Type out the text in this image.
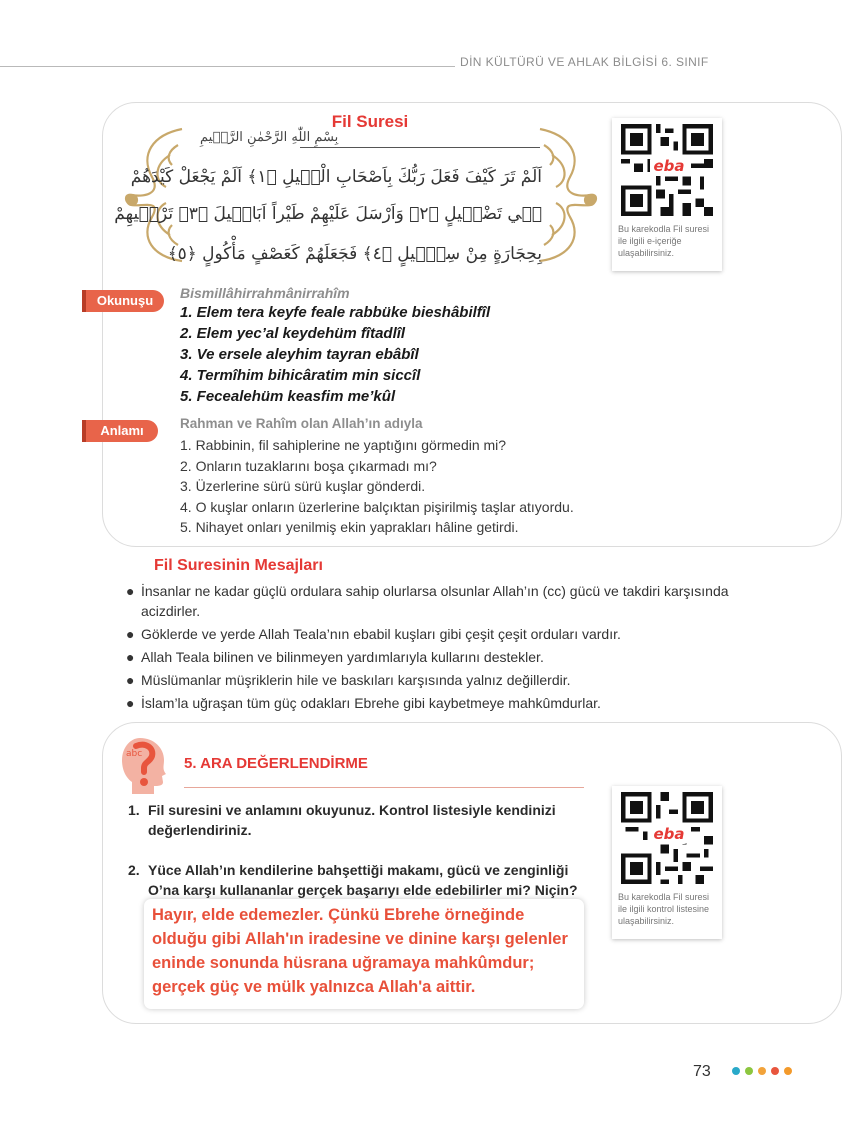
DİN KÜLTÜRÜ VE AHLAK BİLGİSİ 6. SINIF
Fil Suresi
بِسْمِ اللّٰهِ الرَّحْمٰنِ الرَّح۪يمِ
اَلَمْ تَرَ كَيْفَ فَعَلَ رَبُّكَ بِاَصْحَابِ الْف۪يلِ ﴿١﴾ اَلَمْ يَجْعَلْ كَيْدَهُمْ
ف۪ي تَضْل۪يلٍ ﴿٢﴾ وَاَرْسَلَ عَلَيْهِمْ طَيْراً اَبَاب۪يلَ ﴿٣﴾ تَرْم۪يهِمْ
بِحِجَارَةٍ مِنْ سِجّ۪يلٍ ﴿٤﴾ فَجَعَلَهُمْ كَعَصْفٍ مَأْكُولٍ ﴿٥﴾
eba
Bu karekodla Fil suresi ile ilgili e-içeriğe ulaşabilirsiniz.
Okunuşu	Bismillâhirrahmânirrahîm
1. Elem tera keyfe feale rabbüke bieshâbilfîl
2. Elem yec’al keydehüm fîtadlîl
3. Ve ersele aleyhim tayran ebâbîl
4. Termîhim bihicâratim min siccîl
5. Fecealehüm keasfim me’kûl
Anlamı	Rahman ve Rahîm olan Allah’ın adıyla
1. Rabbinin, fil sahiplerine ne yaptığını görmedin mi?
2. Onların tuzaklarını boşa çıkarmadı mı?
3. Üzerlerine sürü sürü kuşlar gönderdi.
4. O kuşlar onların üzerlerine balçıktan pişirilmiş taşlar atıyordu.
5. Nihayet onları yenilmiş ekin yaprakları hâline getirdi.
Fil Suresinin Mesajları
● İnsanlar ne kadar güçlü ordulara sahip olurlarsa olsunlar Allah’ın (cc) gücü ve takdiri karşısında acizdirler.
● Göklerde ve yerde Allah Teala’nın ebabil kuşları gibi çeşit çeşit orduları vardır.
● Allah Teala bilinen ve bilinmeyen yardımlarıyla kullarını destekler.
● Müslümanlar müşriklerin hile ve baskıları karşısında yalnız değillerdir.
● İslam’la uğraşan tüm güç odakları Ebrehe gibi kaybetmeye mahkûmdurlar.
abc
5. ARA DEĞERLENDİRME
1. Fil suresini ve anlamını okuyunuz. Kontrol listesiyle kendinizi değerlendiriniz.
2. Yüce Allah’ın kendilerine bahşettiği makamı, gücü ve zenginliği O’na karşı kullananlar gerçek başarıyı elde edebilirler mi? Niçin?
Hayır, elde edemezler. Çünkü Ebrehe örneğinde olduğu gibi Allah'ın iradesine ve dinine karşı gelenler eninde sonunda hüsrana uğramaya mahkûmdur; gerçek güç ve mülk yalnızca Allah'a aittir.
eba
Bu karekodla Fil suresi ile ilgili kontrol listesine ulaşabilirsiniz.
73
